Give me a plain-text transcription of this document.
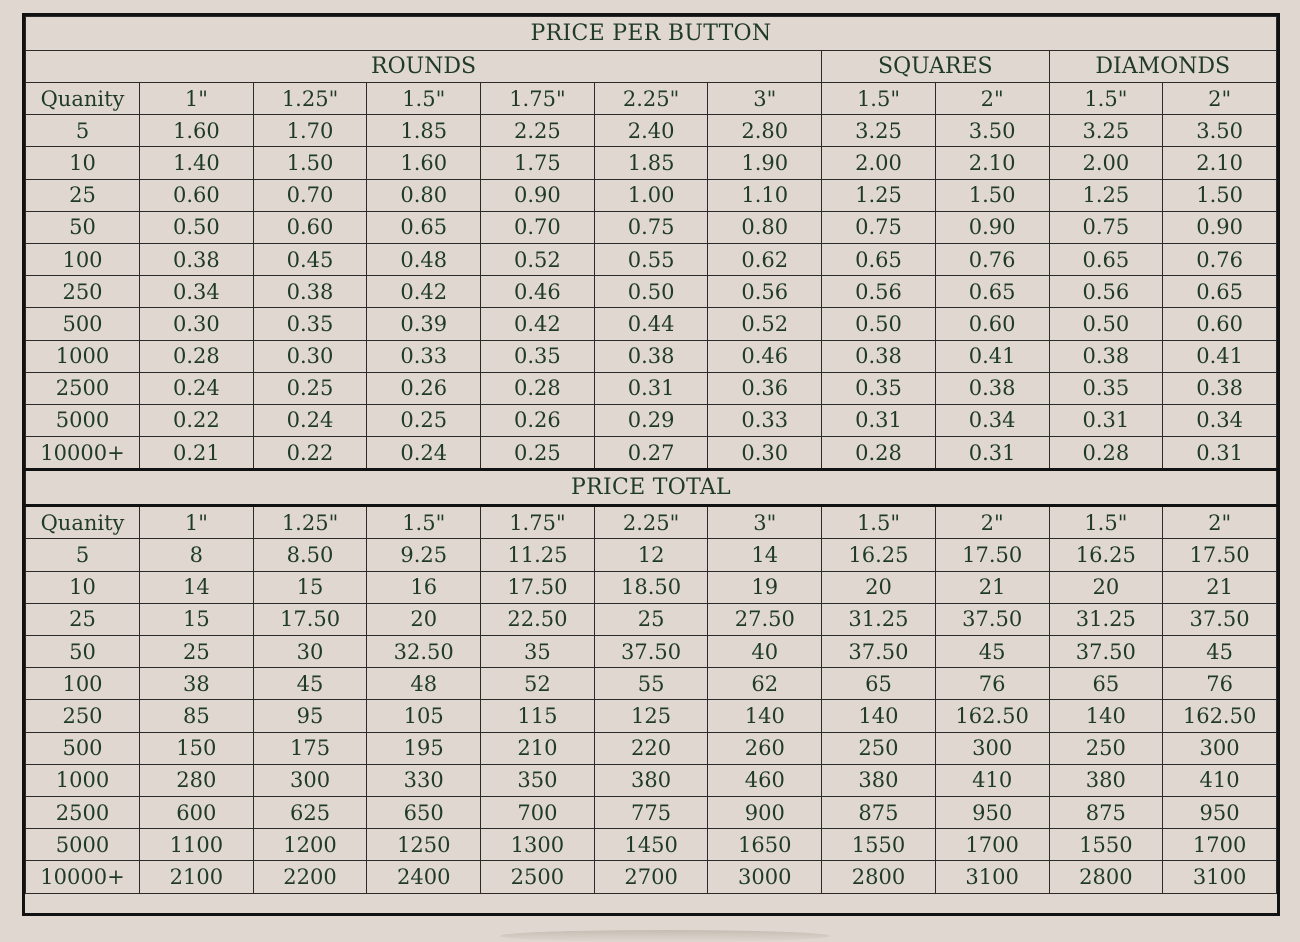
PRICE PER BUTTON										
ROUNDS							SQUARES		DIAMONDS	
Quanity	1"	1.25"	1.5"	1.75"	2.25"	3"	1.5"	2"	1.5"	2"
5	1.60	1.70	1.85	2.25	2.40	2.80	3.25	3.50	3.25	3.50
10	1.40	1.50	1.60	1.75	1.85	1.90	2.00	2.10	2.00	2.10
25	0.60	0.70	0.80	0.90	1.00	1.10	1.25	1.50	1.25	1.50
50	0.50	0.60	0.65	0.70	0.75	0.80	0.75	0.90	0.75	0.90
100	0.38	0.45	0.48	0.52	0.55	0.62	0.65	0.76	0.65	0.76
250	0.34	0.38	0.42	0.46	0.50	0.56	0.56	0.65	0.56	0.65
500	0.30	0.35	0.39	0.42	0.44	0.52	0.50	0.60	0.50	0.60
1000	0.28	0.30	0.33	0.35	0.38	0.46	0.38	0.41	0.38	0.41
2500	0.24	0.25	0.26	0.28	0.31	0.36	0.35	0.38	0.35	0.38
5000	0.22	0.24	0.25	0.26	0.29	0.33	0.31	0.34	0.31	0.34
10000+	0.21	0.22	0.24	0.25	0.27	0.30	0.28	0.31	0.28	0.31
PRICE TOTAL										
Quanity	1"	1.25"	1.5"	1.75"	2.25"	3"	1.5"	2"	1.5"	2"
5	8	8.50	9.25	11.25	12	14	16.25	17.50	16.25	17.50
10	14	15	16	17.50	18.50	19	20	21	20	21
25	15	17.50	20	22.50	25	27.50	31.25	37.50	31.25	37.50
50	25	30	32.50	35	37.50	40	37.50	45	37.50	45
100	38	45	48	52	55	62	65	76	65	76
250	85	95	105	115	125	140	140	162.50	140	162.50
500	150	175	195	210	220	260	250	300	250	300
1000	280	300	330	350	380	460	380	410	380	410
2500	600	625	650	700	775	900	875	950	875	950
5000	1100	1200	1250	1300	1450	1650	1550	1700	1550	1700
10000+	2100	2200	2400	2500	2700	3000	2800	3100	2800	3100
